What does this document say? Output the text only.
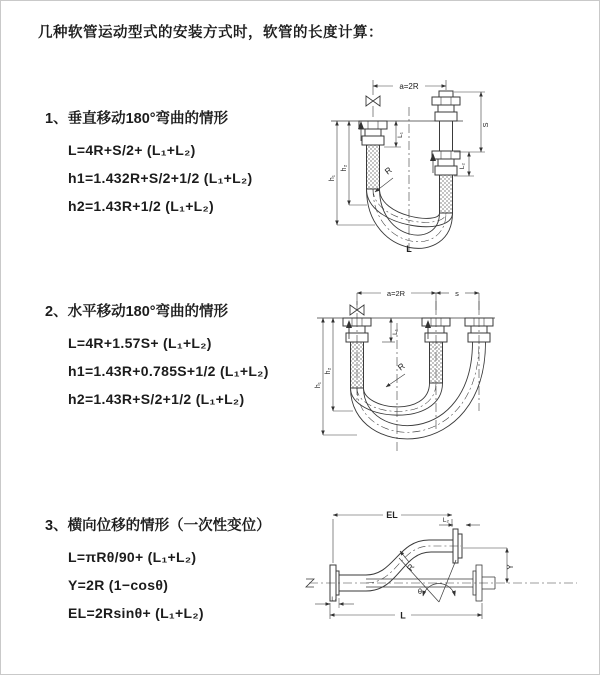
几种软管运动型式的安装方式时，软管的长度计算：
1、垂直移动180°弯曲的情形
L=4R+S/2+ (L₁+L₂)
h1=1.432R+S/2+1/2 (L₁+L₂)
h2=1.43R+1/2 (L₁+L₂)
a=2R
h₂
h₁
L₁
S
L₂
R
L
2、水平移动180°弯曲的情形
L=4R+1.57S+ (L₁+L₂)
h1=1.43R+0.785S+1/2 (L₁+L₂)
h2=1.43R+S/2+1/2 (L₁+L₂)
a=2R	s
h₂
h₁
L₁
R
3、横向位移的情形（一次性变位）
L=πRθ/90+ (L₁+L₂)
Y=2R (1−cosθ)
EL=2Rsinθ+ (L₁+L₂)
EL
L₂
Y
L
L₁
θ
R
